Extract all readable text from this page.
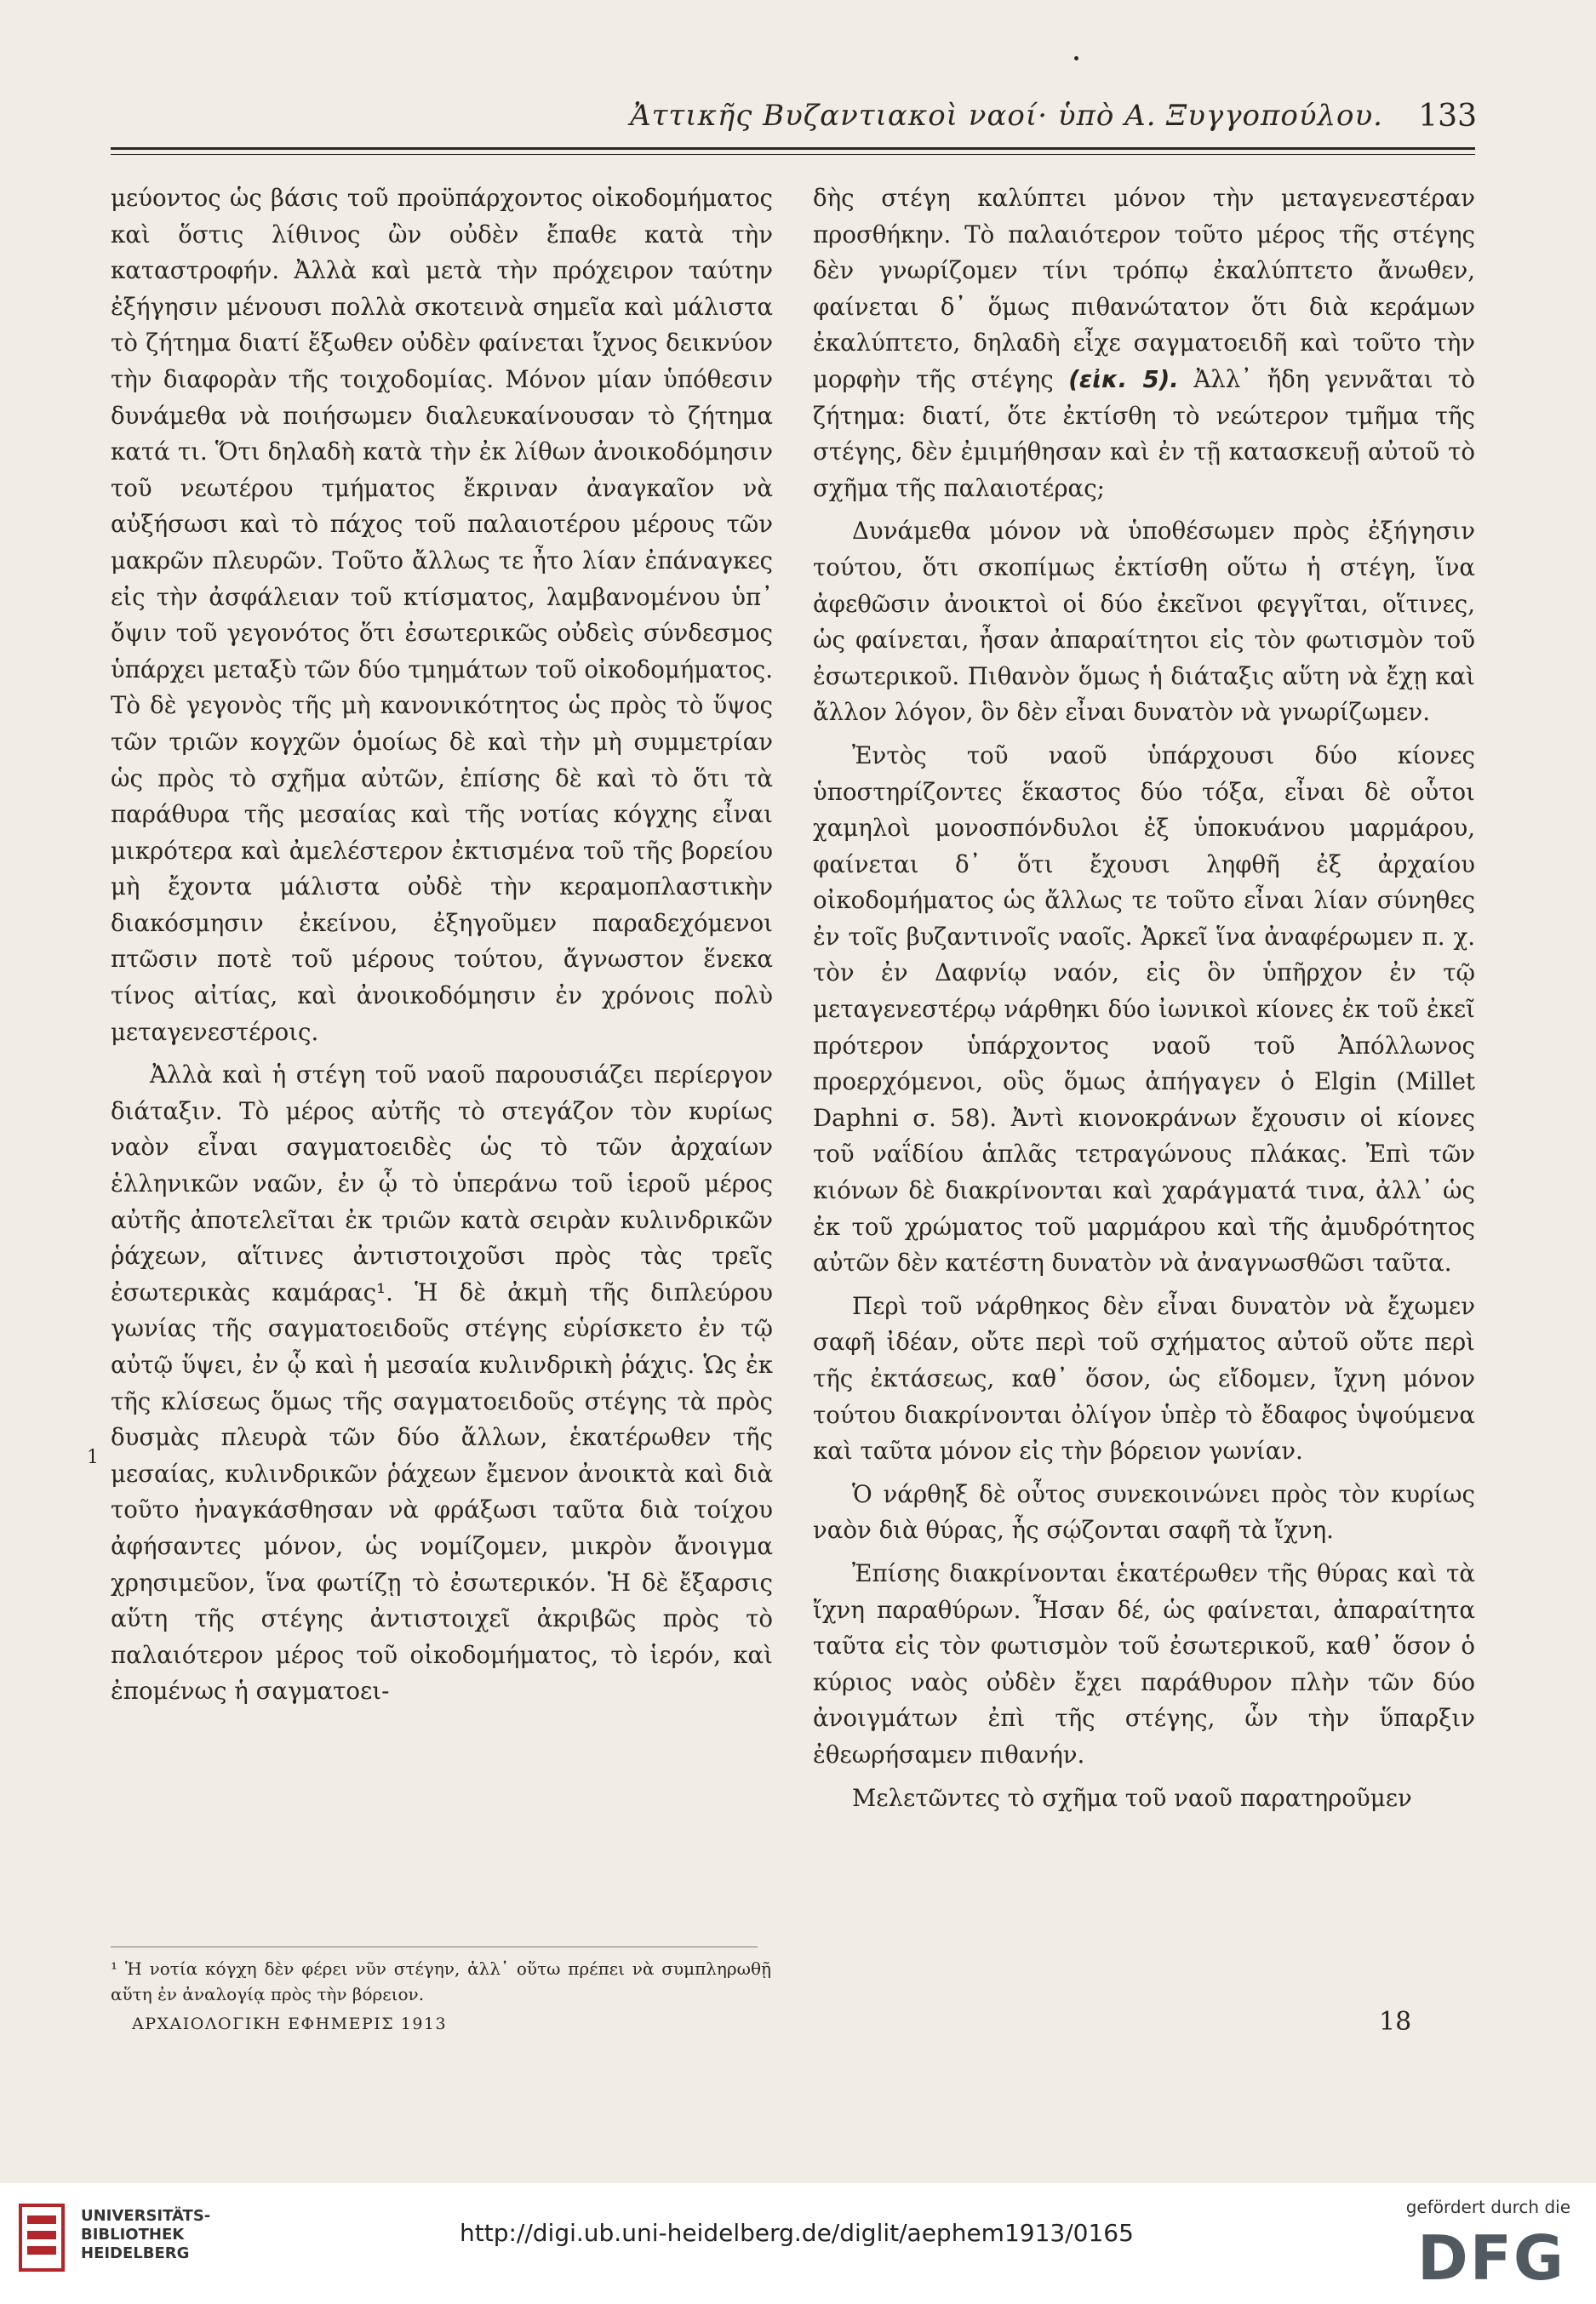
Ἀττικῆς Βυζαντιακοὶ ναοί· ὑπὸ Α. Ξυγγοπούλου. 133

μεύοντος ὡς βάσις τοῦ προϋπάρχοντος οἰκοδομήματος καὶ ὅστις λίθινος ὢν οὐδὲν ἔπαθε κατὰ τὴν καταστροφήν. Ἀλλὰ καὶ μετὰ τὴν πρόχειρον ταύτην ἐξήγησιν μένουσι πολλὰ σκοτεινὰ σημεῖα καὶ μάλιστα τὸ ζήτημα διατί ἔξωθεν οὐδὲν φαίνεται ἴχνος δεικνύον τὴν διαφορὰν τῆς τοιχοδομίας. Μόνον μίαν ὑπόθεσιν δυνάμεθα νὰ ποιήσωμεν διαλευκαίνουσαν τὸ ζήτημα κατά τι. Ὅτι δηλαδὴ κατὰ τὴν ἐκ λίθων ἀνοικοδόμησιν τοῦ νεωτέρου τμήματος ἔκριναν ἀναγκαῖον νὰ αὐξήσωσι καὶ τὸ πάχος τοῦ παλαιοτέρου μέρους τῶν μακρῶν πλευρῶν. Τοῦτο ἄλλως τε ἦτο λίαν ἐπάναγκες εἰς τὴν ἀσφάλειαν τοῦ κτίσματος, λαμβανομένου ὑπ᾽ ὄψιν τοῦ γεγονότος ὅτι ἐσωτερικῶς οὐδεὶς σύνδεσμος ὑπάρχει μεταξὺ τῶν δύο τμημάτων τοῦ οἰκοδομήματος. Τὸ δὲ γεγονὸς τῆς μὴ κανονικότητος ὡς πρὸς τὸ ὕψος τῶν τριῶν κογχῶν ὁμοίως δὲ καὶ τὴν μὴ συμμετρίαν ὡς πρὸς τὸ σχῆμα αὐτῶν, ἐπίσης δὲ καὶ τὸ ὅτι τὰ παράθυρα τῆς μεσαίας καὶ τῆς νοτίας κόγχης εἶναι μικρότερα καὶ ἀμελέστερον ἐκτισμένα τοῦ τῆς βορείου μὴ ἔχοντα μάλιστα οὐδὲ τὴν κεραμοπλαστικὴν διακόσμησιν ἐκείνου, ἐξηγοῦμεν παραδεχόμενοι πτῶσιν ποτὲ τοῦ μέρους τούτου, ἄγνωστον ἕνεκα τίνος αἰτίας, καὶ ἀνοικοδόμησιν ἐν χρόνοις πολὺ μεταγενεστέροις.

Ἀλλὰ καὶ ἡ στέγη τοῦ ναοῦ παρουσιάζει περίεργον διάταξιν. Τὸ μέρος αὐτῆς τὸ στεγάζον τὸν κυρίως ναὸν εἶναι σαγματοειδὲς ὡς τὸ τῶν ἀρχαίων ἑλληνικῶν ναῶν, ἐν ᾧ τὸ ὑπεράνω τοῦ ἱεροῦ μέρος αὐτῆς ἀποτελεῖται ἐκ τριῶν κατὰ σειρὰν κυλινδρικῶν ῥάχεων, αἵτινες ἀντιστοιχοῦσι πρὸς τὰς τρεῖς ἐσωτερικὰς καμάρας¹. Ἡ δὲ ἀκμὴ τῆς διπλεύρου γωνίας τῆς σαγματοειδοῦς στέγης εὑρίσκετο ἐν τῷ αὐτῷ ὕψει, ἐν ᾧ καὶ ἡ μεσαία κυλινδρικὴ ῥάχις. Ὡς ἐκ τῆς κλίσεως ὅμως τῆς σαγματοειδοῦς στέγης τὰ πρὸς δυσμὰς πλευρὰ τῶν δύο ἄλλων, ἑκατέρωθεν τῆς μεσαίας, κυλινδρικῶν ῥάχεων ἔμενον ἀνοικτὰ καὶ διὰ τοῦτο ἠναγκάσθησαν νὰ φράξωσι ταῦτα διὰ τοίχου ἀφήσαντες μόνον, ὡς νομίζομεν, μικρὸν ἄνοιγμα χρησιμεῦον, ἵνα φωτίζῃ τὸ ἐσωτερικόν. Ἡ δὲ ἔξαρσις αὕτη τῆς στέγης ἀντιστοιχεῖ ἀκριβῶς πρὸς τὸ παλαιότερον μέρος τοῦ οἰκοδομήματος, τὸ ἱερόν, καὶ ἐπομένως ἡ σαγματοει-

1
¹ Ἡ νοτία κόγχη δὲν φέρει νῦν στέγην, ἀλλ᾽ οὕτω πρέπει νὰ συμπληρωθῇ αὕτη ἐν ἀναλογίᾳ πρὸς τὴν βόρειον.
ΑΡΧΑΙΟΛΟΓΙΚΗ ΕΦΗΜΕΡΙΣ 1913	18

δὴς στέγη καλύπτει μόνον τὴν μεταγενεστέραν προσθήκην. Τὸ παλαιότερον τοῦτο μέρος τῆς στέγης δὲν γνωρίζομεν τίνι τρόπῳ ἐκαλύπτετο ἄνωθεν, φαίνεται δ᾽ ὅμως πιθανώτατον ὅτι διὰ κεράμων ἐκαλύπτετο, δηλαδὴ εἶχε σαγματοειδῆ καὶ τοῦτο τὴν μορφὴν τῆς στέγης (εἰκ. 5). Ἀλλ᾽ ἤδη γεννᾶται τὸ ζήτημα: διατί, ὅτε ἐκτίσθη τὸ νεώτερον τμῆμα τῆς στέγης, δὲν ἐμιμήθησαν καὶ ἐν τῇ κατασκευῇ αὐτοῦ τὸ σχῆμα τῆς παλαιοτέρας;

Δυνάμεθα μόνον νὰ ὑποθέσωμεν πρὸς ἐξήγησιν τούτου, ὅτι σκοπίμως ἐκτίσθη οὕτω ἡ στέγη, ἵνα ἀφεθῶσιν ἀνοικτοὶ οἱ δύο ἐκεῖνοι φεγγῖται, οἵτινες, ὡς φαίνεται, ἦσαν ἀπαραίτητοι εἰς τὸν φωτισμὸν τοῦ ἐσωτερικοῦ. Πιθανὸν ὅμως ἡ διάταξις αὕτη νὰ ἔχῃ καὶ ἄλλον λόγον, ὃν δὲν εἶναι δυνατὸν νὰ γνωρίζωμεν.

Ἐντὸς τοῦ ναοῦ ὑπάρχουσι δύο κίονες ὑποστηρίζοντες ἕκαστος δύο τόξα, εἶναι δὲ οὗτοι χαμηλοὶ μονοσπόνδυλοι ἐξ ὑποκυάνου μαρμάρου, φαίνεται δ᾽ ὅτι ἔχουσι ληφθῆ ἐξ ἀρχαίου οἰκοδομήματος ὡς ἄλλως τε τοῦτο εἶναι λίαν σύνηθες ἐν τοῖς βυζαντινοῖς ναοῖς. Ἀρκεῖ ἵνα ἀναφέρωμεν π. χ. τὸν ἐν Δαφνίῳ ναόν, εἰς ὃν ὑπῆρχον ἐν τῷ μεταγενεστέρῳ νάρθηκι δύο ἰωνικοὶ κίονες ἐκ τοῦ ἐκεῖ πρότερον ὑπάρχοντος ναοῦ τοῦ Ἀπόλλωνος προερχόμενοι, οὓς ὅμως ἀπήγαγεν ὁ Elgin (Millet Daphni σ. 58). Ἀντὶ κιονοκράνων ἔχουσιν οἱ κίονες τοῦ ναΐδίου ἁπλᾶς τετραγώνους πλάκας. Ἐπὶ τῶν κιόνων δὲ διακρίνονται καὶ χαράγματά τινα, ἀλλ᾽ ὡς ἐκ τοῦ χρώματος τοῦ μαρμάρου καὶ τῆς ἀμυδρότητος αὐτῶν δὲν κατέστη δυνατὸν νὰ ἀναγνωσθῶσι ταῦτα.

Περὶ τοῦ νάρθηκος δὲν εἶναι δυνατὸν νὰ ἔχωμεν σαφῆ ἰδέαν, οὔτε περὶ τοῦ σχήματος αὐτοῦ οὔτε περὶ τῆς ἐκτάσεως, καθ᾽ ὅσον, ὡς εἴδομεν, ἴχνη μόνον τούτου διακρίνονται ὀλίγον ὑπὲρ τὸ ἔδαφος ὑψούμενα καὶ ταῦτα μόνον εἰς τὴν βόρειον γωνίαν.

Ὁ νάρθηξ δὲ οὗτος συνεκοινώνει πρὸς τὸν κυρίως ναὸν διὰ θύρας, ἧς σῴζονται σαφῆ τὰ ἴχνη.

Ἐπίσης διακρίνονται ἑκατέρωθεν τῆς θύρας καὶ τὰ ἴχνη παραθύρων. Ἦσαν δέ, ὡς φαίνεται, ἀπαραίτητα ταῦτα εἰς τὸν φωτισμὸν τοῦ ἐσωτερικοῦ, καθ᾽ ὅσον ὁ κύριος ναὸς οὐδὲν ἔχει παράθυρον πλὴν τῶν δύο ἀνοιγμάτων ἐπὶ τῆς στέγης, ὧν τὴν ὕπαρξιν ἐθεωρήσαμεν πιθανήν.

Μελετῶντες τὸ σχῆμα τοῦ ναοῦ παρατηροῦμεν

UNIVERSITÄTS-
BIBLIOTHEK
HEIDELBERG
http://digi.ub.uni-heidelberg.de/diglit/aephem1913/0165
gefördert durch die
DFG
